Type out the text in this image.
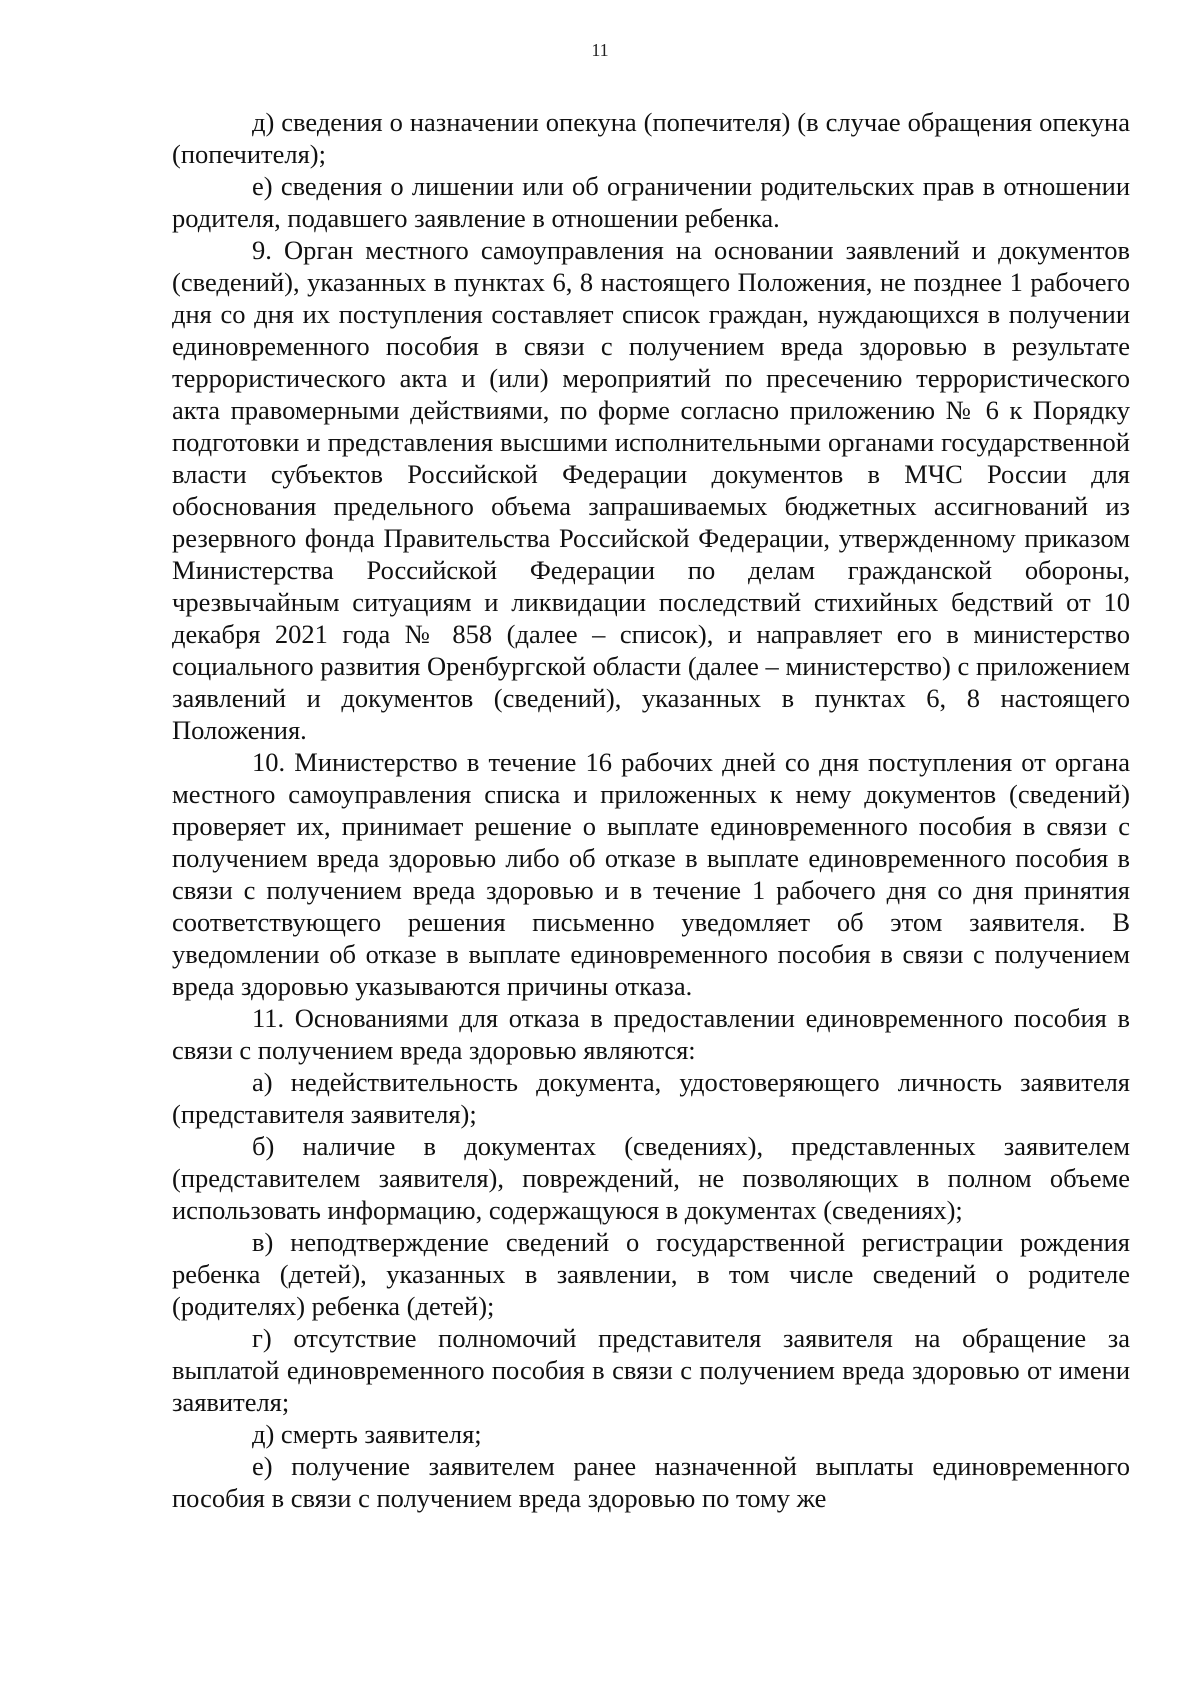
11

д) сведения о назначении опекуна (попечителя) (в случае обращения опекуна (попечителя);

е) сведения о лишении или об ограничении родительских прав в отношении родителя, подавшего заявление в отношении ребенка.

9. Орган местного самоуправления на основании заявлений и документов (сведений), указанных в пунктах 6, 8 настоящего Положения, не позднее 1 рабочего дня со дня их поступления составляет список граждан, нуждающихся в получении единовременного пособия в связи с получением вреда здоровью в результате террористического акта и (или) мероприятий по пресечению террористического акта правомерными действиями, по форме согласно приложению № 6 к Порядку подготовки и представления высшими исполнительными органами государственной власти субъектов Российской Федерации документов в МЧС России для обоснования предельного объема запрашиваемых бюджетных ассигнований из резервного фонда Правительства Российской Федерации, утвержденному приказом Министерства Российской Федерации по делам гражданской обороны, чрезвычайным ситуациям и ликвидации последствий стихийных бедствий от 10 декабря 2021 года № 858 (далее – список), и направляет его в министерство социального развития Оренбургской области (далее – министерство) с приложением заявлений и документов (сведений), указанных в пунктах 6, 8 настоящего Положения.

10. Министерство в течение 16 рабочих дней со дня поступления от органа местного самоуправления списка и приложенных к нему документов (сведений) проверяет их, принимает решение о выплате единовременного пособия в связи с получением вреда здоровью либо об отказе в выплате единовременного пособия в связи с получением вреда здоровью и в течение 1 рабочего дня со дня принятия соответствующего решения письменно уведомляет об этом заявителя. В уведомлении об отказе в выплате единовременного пособия в связи с получением вреда здоровью указываются причины отказа.

11. Основаниями для отказа в предоставлении единовременного пособия в связи с получением вреда здоровью являются:

а) недействительность документа, удостоверяющего личность заявителя (представителя заявителя);

б) наличие в документах (сведениях), представленных заявителем (представителем заявителя), повреждений, не позволяющих в полном объеме использовать информацию, содержащуюся в документах (сведениях);

в) неподтверждение сведений о государственной регистрации рождения ребенка (детей), указанных в заявлении, в том числе сведений о родителе (родителях) ребенка (детей);

г) отсутствие полномочий представителя заявителя на обращение за выплатой единовременного пособия в связи с получением вреда здоровью от имени заявителя;

д) смерть заявителя;

е) получение заявителем ранее назначенной выплаты единовременного пособия в связи с получением вреда здоровью по тому же
